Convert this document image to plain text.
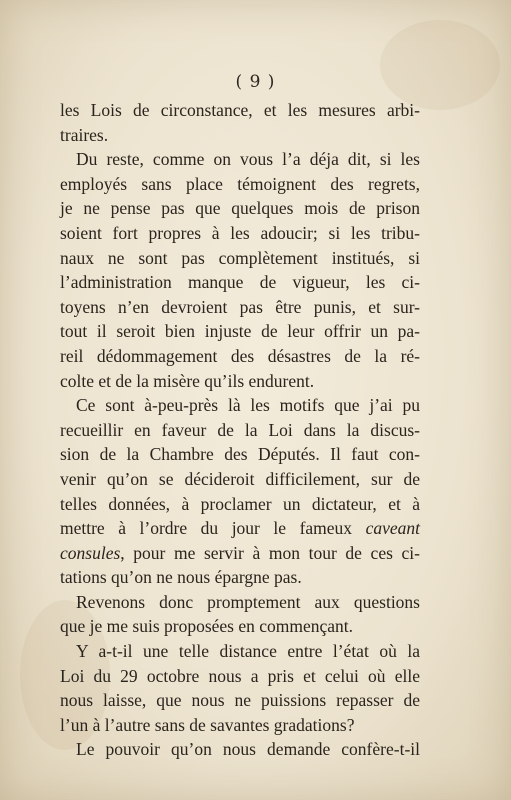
( 9 )

les Lois de circonstance, et les mesures arbi-
traires.

Du reste, comme on vous l’a déja dit, si les
employés sans place témoignent des regrets,
je ne pense pas que quelques mois de prison
soient fort propres à les adoucir; si les tribu-
naux ne sont pas complètement institués, si
l’administration manque de vigueur, les ci-
toyens n’en devroient pas être punis, et sur-
tout il seroit bien injuste de leur offrir un pa-
reil dédommagement des désastres de la ré-
colte et de la misère qu’ils endurent.

Ce sont à-peu-près là les motifs que j’ai pu
recueillir en faveur de la Loi dans la discus-
sion de la Chambre des Députés. Il faut con-
venir qu’on se décideroit difficilement, sur de
telles données, à proclamer un dictateur, et à
mettre à l’ordre du jour le fameux caveant
consules, pour me servir à mon tour de ces ci-
tations qu’on ne nous épargne pas.

Revenons donc promptement aux questions
que je me suis proposées en commençant.

Y a-t-il une telle distance entre l’état où la
Loi du 29 octobre nous a pris et celui où elle
nous laisse, que nous ne puissions repasser de
l’un à l’autre sans de savantes gradations?

Le pouvoir qu’on nous demande confère-t-il
